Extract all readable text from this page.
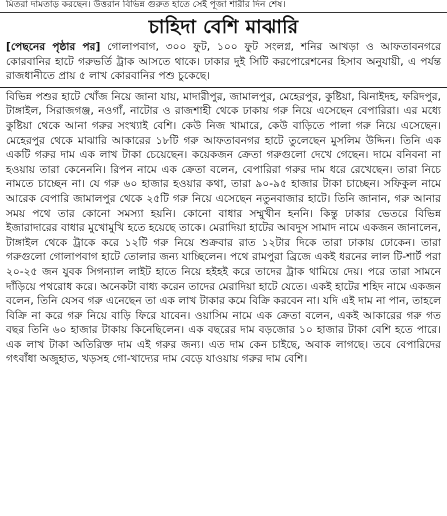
মিতরা দামতাড় করছেন। উত্তরান বিভিন্ন গুরুত হাতে সেই পূজা শারীর দিন শেষ।
চাহিদা বেশি মাঝারি

[পেছনের পৃষ্ঠার পর] গোলাপবাগ, ৩০০ ফুট, ১০০ ফুট সংলগ্ন, শনির আখড়া ও আফতাবনগরে কোরবানির হাটে গরুভর্তি ট্রাক আসতে থাকে। ঢাকার দুই সিটি করপোরেশনের হিসাব অনুযায়ী, এ পর্যন্ত রাজধানীতে প্রায় ৫ লাখ কোরবানির পশু চুকেছে।

বিভিন্ন পশুর হাটে খোঁজ নিয়ে জানা যায়, মাদারীপুর, জামালপুর, মেহেরপুর, কুষ্টিয়া, ঝিনাইদহ, ফরিদপুর, টাঙ্গাইল, সিরাজগঞ্জ, নওগাঁ, নাটোর ও রাজশাহী থেকে ঢাকায় গরু নিয়ে এসেছেন বেপারিরা। এর মধ্যে কুষ্টিয়া থেকে আনা গরুর সংখ্যাই বেশি। কেউ নিজ খামারে, কেউ বাড়িতে পালা গরু নিয়ে এসেছেন। মেহেরপুর থেকে মাঝারি আকারের ১৮টি গরু আফতাবনগর হাটে তুলেছেন মুসলিম উদ্দিন। তিনি এক একটি গরুর দাম এক লাখ টাকা চেয়েছেন। কয়েকজন ক্রেতা গরুগুলো দেখে গেছেন। দামে বনিবনা না হওয়ায় তারা কেনেননি। রিপন নামে এক ক্রেতা বলেন, বেপারিরা গরুর দাম ধরে রেখেছেন। তারা নিচে নামতে চাচ্ছেন না। যে গরু ৬০ হাজার হওয়ার কথা, তারা ৯০-৯৫ হাজার টাকা চাচ্ছেন। সফিকুল নামে আরেক বেপারি জামালপুর থেকে ২৫টি গরু নিয়ে এসেছেন নতুনবাজার হাটে। তিনি জানান, গরু আনার সময় পথে তার কোনো সমস্যা হয়নি। কোনো বাধার সম্মুখীন হননি। কিন্তু ঢাকার ভেতরে বিভিন্ন ইজারাদারের বাধার মুখোমুখি হতে হয়েছে তাকে। মেরাদিয়া হাটের আবদুস সামাদ নামে একজন জানালেন, টাঙ্গাইল থেকে ট্রাকে করে ১২টি গরু নিয়ে শুক্রবার রাত ১২টার দিকে তারা ঢাকায় ঢোকেন। তারা গরুগুলো গোলাপবাগ হাটে তোলার জন্য যাচ্ছিলেন। পথে রামপুরা ব্রিজে একই ধরনের লাল টি-শার্ট পরা ২০-২৫ জন যুবক সিগন্যাল লাইট হাতে নিয়ে হইহই করে তাদের ট্রাক থামিয়ে দেয়। পরে তারা সামনে দাঁড়িয়ে পথরোধ করে। অনেকটা বাধ্য করেন তাদের মেরাদিয়া হাটে যেতে। একই হাটের শহিদ নামে একজন বলেন, তিনি যেসব গরু এনেছেন তা এক লাখ টাকার কমে বিক্রি করবেন না। যদি এই দাম না পান, তাহলে বিক্রি না করে গরু নিয়ে বাড়ি ফিরে যাবেন। ওয়াসিম নামে এক ক্রেতা বলেন, একই আকারের গরু গত বছর তিনি ৬০ হাজার টাকায় কিনেছিলেন। এক বছরের দাম বড়জোর ১০ হাজার টাকা বেশি হতে পারে। এক লাখ টাকা অতিরিক্ত দাম এই গরুর জন্য। এত দাম কেন চাইছে, অবাক লাগছে। তবে বেপারিদের গৎবাঁধা অজুহাত, খড়সহ গো-খাদ্যের দাম বেড়ে যাওয়ায় গরুর দাম বেশি।
